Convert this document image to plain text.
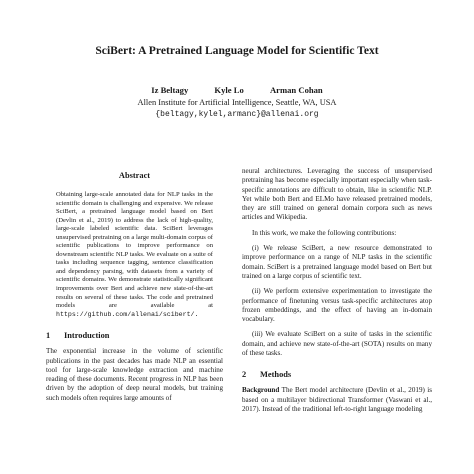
SciBert: A Pretrained Language Model for Scientific Text
Iz Beltagy	Kyle Lo	Arman Cohan
Allen Institute for Artificial Intelligence, Seattle, WA, USA
{beltagy,kylel,armanc}@allenai.org
Abstract

Obtaining large-scale annotated data for NLP tasks in the scientific domain is challenging and expensive. We release SciBert, a pretrained language model based on Bert (Devlin et al., 2019) to address the lack of high-quality, large-scale labeled scientific data. SciBert leverages unsupervised pretraining on a large multi-domain corpus of scientific publications to improve performance on downstream scientific NLP tasks. We evaluate on a suite of tasks including sequence tagging, sentence classification and dependency parsing, with datasets from a variety of scientific domains. We demonstrate statistically significant improvements over Bert and achieve new state-of-the-art results on several of these tasks. The code and pretrained models are available at https://github.com/allenai/scibert/.

1 Introduction

The exponential increase in the volume of scientific publications in the past decades has made NLP an essential tool for large-scale knowledge extraction and machine reading of these documents. Recent progress in NLP has been driven by the adoption of deep neural models, but training such models often requires large amounts of

neural architectures. Leveraging the success of unsupervised pretraining has become especially important especially when task-specific annotations are difficult to obtain, like in scientific NLP. Yet while both Bert and ELMo have released pretrained models, they are still trained on general domain corpora such as news articles and Wikipedia.

In this work, we make the following contributions:

(i) We release SciBert, a new resource demonstrated to improve performance on a range of NLP tasks in the scientific domain. SciBert is a pretrained language model based on Bert but trained on a large corpus of scientific text.

(ii) We perform extensive experimentation to investigate the performance of finetuning versus task-specific architectures atop frozen embeddings, and the effect of having an in-domain vocabulary.

(iii) We evaluate SciBert on a suite of tasks in the scientific domain, and achieve new state-of-the-art (SOTA) results on many of these tasks.

2 Methods

Background The Bert model architecture (Devlin et al., 2019) is based on a multilayer bidirectional Transformer (Vaswani et al., 2017). Instead of the traditional left-to-right language modeling
